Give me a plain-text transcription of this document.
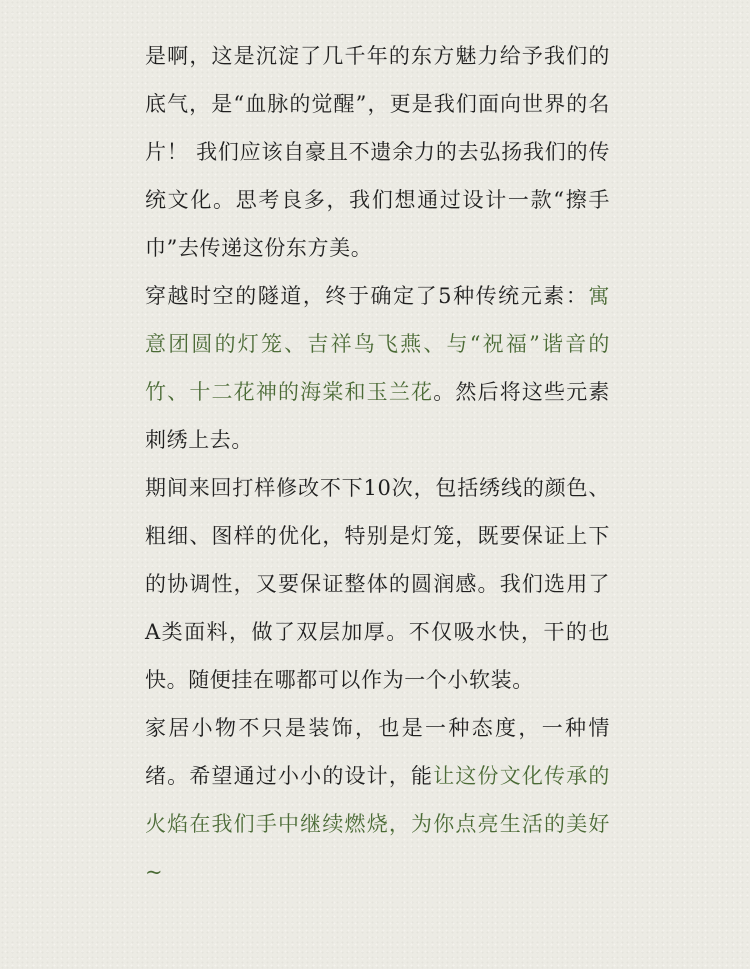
是啊，这是沉淀了几千年的东方魅力给予我们的底气，是“血脉的觉醒”，更是我们面向世界的名片！ 我们应该自豪且不遗余力的去弘扬我们的传统文化。思考良多，我们想通过设计一款“擦手巾”去传递这份东方美。

穿越时空的隧道，终于确定了5种传统元素：寓意团圆的灯笼、吉祥鸟飞燕、与“祝福”谐音的竹、十二花神的海棠和玉兰花。然后将这些元素刺绣上去。

期间来回打样修改不下10次，包括绣线的颜色、粗细、图样的优化，特别是灯笼，既要保证上下的协调性，又要保证整体的圆润感。我们选用了A类面料，做了双层加厚。不仅吸水快，干的也快。随便挂在哪都可以作为一个小软装。

家居小物不只是装饰，也是一种态度，一种情绪。希望通过小小的设计，能让这份文化传承的火焰在我们手中继续燃烧，为你点亮生活的美好~
